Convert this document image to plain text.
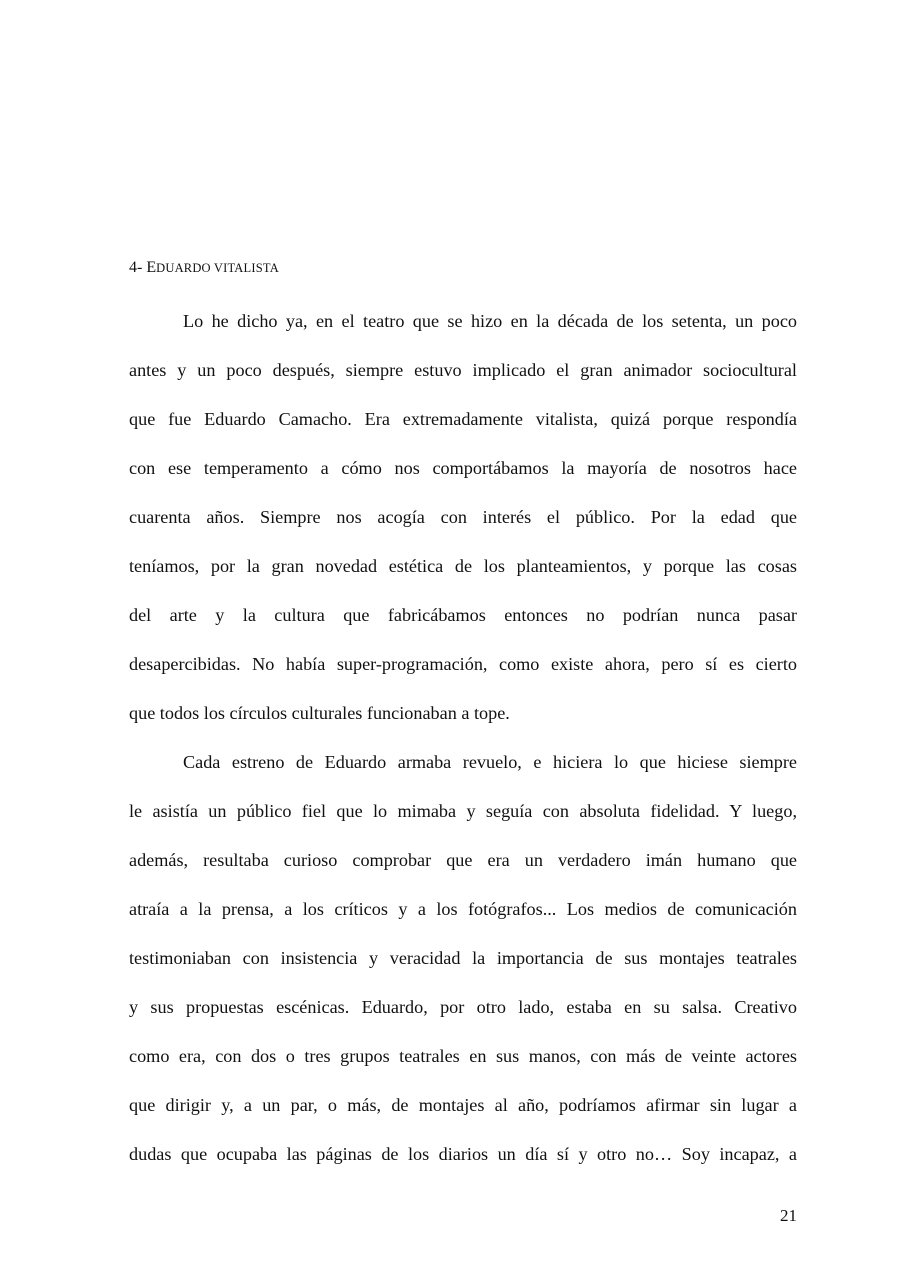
4- EDUARDO VITALISTA
Lo he dicho ya, en el teatro que se hizo en la década de los setenta, un poco
antes y un poco después, siempre estuvo implicado el gran animador sociocultural
que fue Eduardo Camacho. Era extremadamente vitalista, quizá porque respondía
con ese temperamento a cómo nos comportábamos la mayoría de nosotros hace
cuarenta años. Siempre nos acogía con interés el público. Por la edad que
teníamos, por la gran novedad estética de los planteamientos, y porque las cosas
del arte y la cultura que fabricábamos entonces no podrían nunca pasar
desapercibidas. No había super-programación, como existe ahora, pero sí es cierto
que todos los círculos culturales funcionaban a tope.
Cada estreno de Eduardo armaba revuelo, e hiciera lo que hiciese siempre
le asistía un público fiel que lo mimaba y seguía con absoluta fidelidad. Y luego,
además, resultaba curioso comprobar que era un verdadero imán humano que
atraía a la prensa, a los críticos y a los fotógrafos... Los medios de comunicación
testimoniaban con insistencia y veracidad la importancia de sus montajes teatrales
y sus propuestas escénicas. Eduardo, por otro lado, estaba en su salsa. Creativo
como era, con dos o tres grupos teatrales en sus manos, con más de veinte actores
que dirigir y, a un par, o más, de montajes al año, podríamos afirmar sin lugar a
dudas que ocupaba las páginas de los diarios un día sí y otro no… Soy incapaz, a
21
